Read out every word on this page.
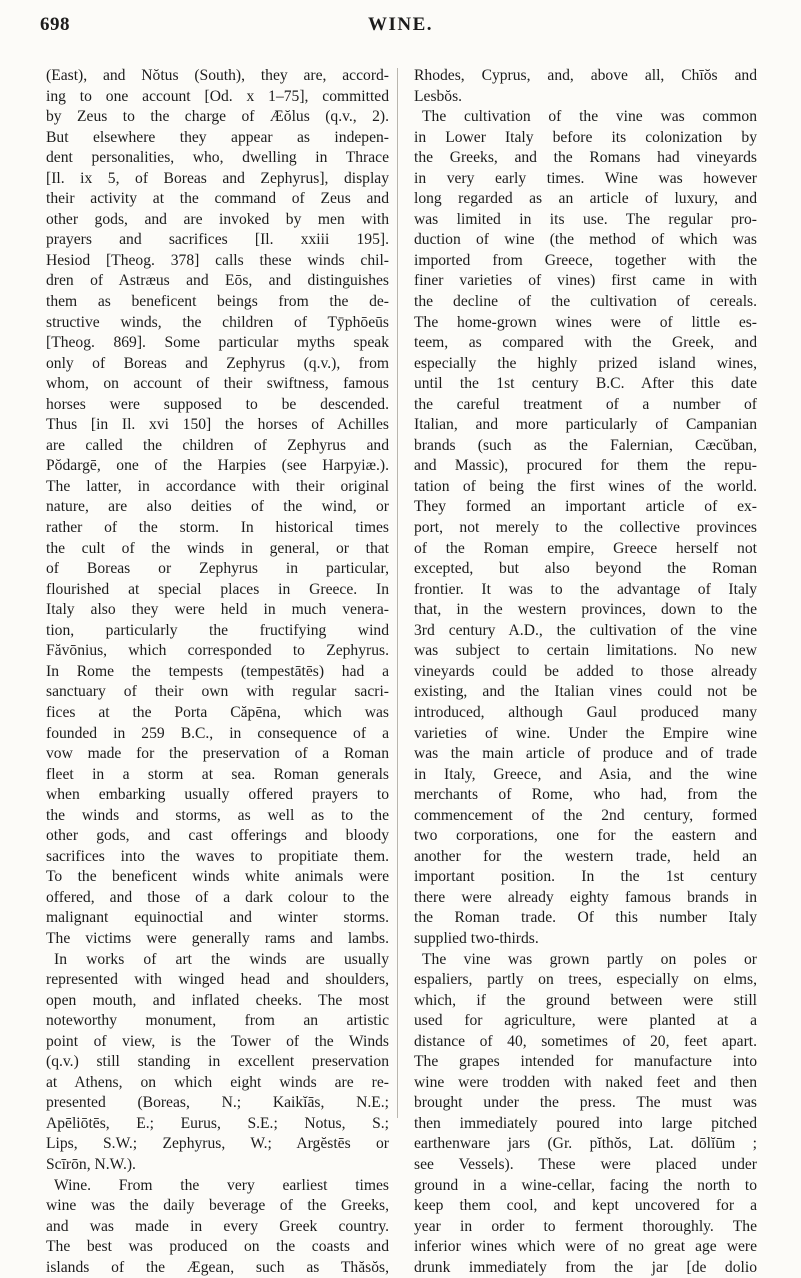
698	WINE.
(East), and Nŏtus (South), they are, accord-
ing to one account [Od. x 1–75], committed
by Zeus to the charge of Æŏlus (q.v., 2).
But elsewhere they appear as indepen-
dent personalities, who, dwelling in Thrace
[Il. ix 5, of Boreas and Zephyrus], display
their activity at the command of Zeus and
other gods, and are invoked by men with
prayers and sacrifices [Il. xxiii 195].
Hesiod [Theog. 378] calls these winds chil-
dren of Astræus and Eōs, and distinguishes
them as beneficent beings from the de-
structive winds, the children of Tȳphōeūs
[Theog. 869]. Some particular myths speak
only of Boreas and Zephyrus (q.v.), from
whom, on account of their swiftness, famous
horses were supposed to be descended.
Thus [in Il. xvi 150] the horses of Achilles
are called the children of Zephyrus and
Pŏdargē, one of the Harpies (see Harpyiæ.).
The latter, in accordance with their original
nature, are also deities of the wind, or
rather of the storm. In historical times
the cult of the winds in general, or that
of Boreas or Zephyrus in particular,
flourished at special places in Greece. In
Italy also they were held in much venera-
tion, particularly the fructifying wind
Făvōnius, which corresponded to Zephyrus.
In Rome the tempests (tempestātēs) had a
sanctuary of their own with regular sacri-
fices at the Porta Căpēna, which was
founded in 259 B.C., in consequence of a
vow made for the preservation of a Roman
fleet in a storm at sea. Roman generals
when embarking usually offered prayers to
the winds and storms, as well as to the
other gods, and cast offerings and bloody
sacrifices into the waves to propitiate them.
To the beneficent winds white animals were
offered, and those of a dark colour to the
malignant equinoctial and winter storms.
The victims were generally rams and lambs.
In works of art the winds are usually
represented with winged head and shoulders,
open mouth, and inflated cheeks. The most
noteworthy monument, from an artistic
point of view, is the Tower of the Winds
(q.v.) still standing in excellent preservation
at Athens, on which eight winds are re-
presented (Boreas, N.; Kaikĭās, N.E.;
Apēliōtēs, E.; Eurus, S.E.; Notus, S.;
Lips, S.W.; Zephyrus, W.; Argĕstēs or
Scīrōn, N.W.).
Wine. From the very earliest times
wine was the daily beverage of the Greeks,
and was made in every Greek country.
The best was produced on the coasts and
islands of the Ægean, such as Thăsŏs,
Rhodes, Cyprus, and, above all, Chīŏs and
Lesbŏs.
The cultivation of the vine was common
in Lower Italy before its colonization by
the Greeks, and the Romans had vineyards
in very early times. Wine was however
long regarded as an article of luxury, and
was limited in its use. The regular pro-
duction of wine (the method of which was
imported from Greece, together with the
finer varieties of vines) first came in with
the decline of the cultivation of cereals.
The home-grown wines were of little es-
teem, as compared with the Greek, and
especially the highly prized island wines,
until the 1st century B.C. After this date
the careful treatment of a number of
Italian, and more particularly of Campanian
brands (such as the Falernian, Cæcŭban,
and Massic), procured for them the repu-
tation of being the first wines of the world.
They formed an important article of ex-
port, not merely to the collective provinces
of the Roman empire, Greece herself not
excepted, but also beyond the Roman
frontier. It was to the advantage of Italy
that, in the western provinces, down to the
3rd century A.D., the cultivation of the vine
was subject to certain limitations. No new
vineyards could be added to those already
existing, and the Italian vines could not be
introduced, although Gaul produced many
varieties of wine. Under the Empire wine
was the main article of produce and of trade
in Italy, Greece, and Asia, and the wine
merchants of Rome, who had, from the
commencement of the 2nd century, formed
two corporations, one for the eastern and
another for the western trade, held an
important position. In the 1st century
there were already eighty famous brands in
the Roman trade. Of this number Italy
supplied two-thirds.
The vine was grown partly on poles or
espaliers, partly on trees, especially on elms,
which, if the ground between were still
used for agriculture, were planted at a
distance of 40, sometimes of 20, feet apart.
The grapes intended for manufacture into
wine were trodden with naked feet and then
brought under the press. The must was
then immediately poured into large pitched
earthenware jars (Gr. pĭthŏs, Lat. dōlĭūm ;
see Vessels). These were placed under
ground in a wine-cellar, facing the north to
keep them cool, and kept uncovered for a
year in order to ferment thoroughly. The
inferior wines which were of no great age were
drunk immediately from the jar [de dolio
